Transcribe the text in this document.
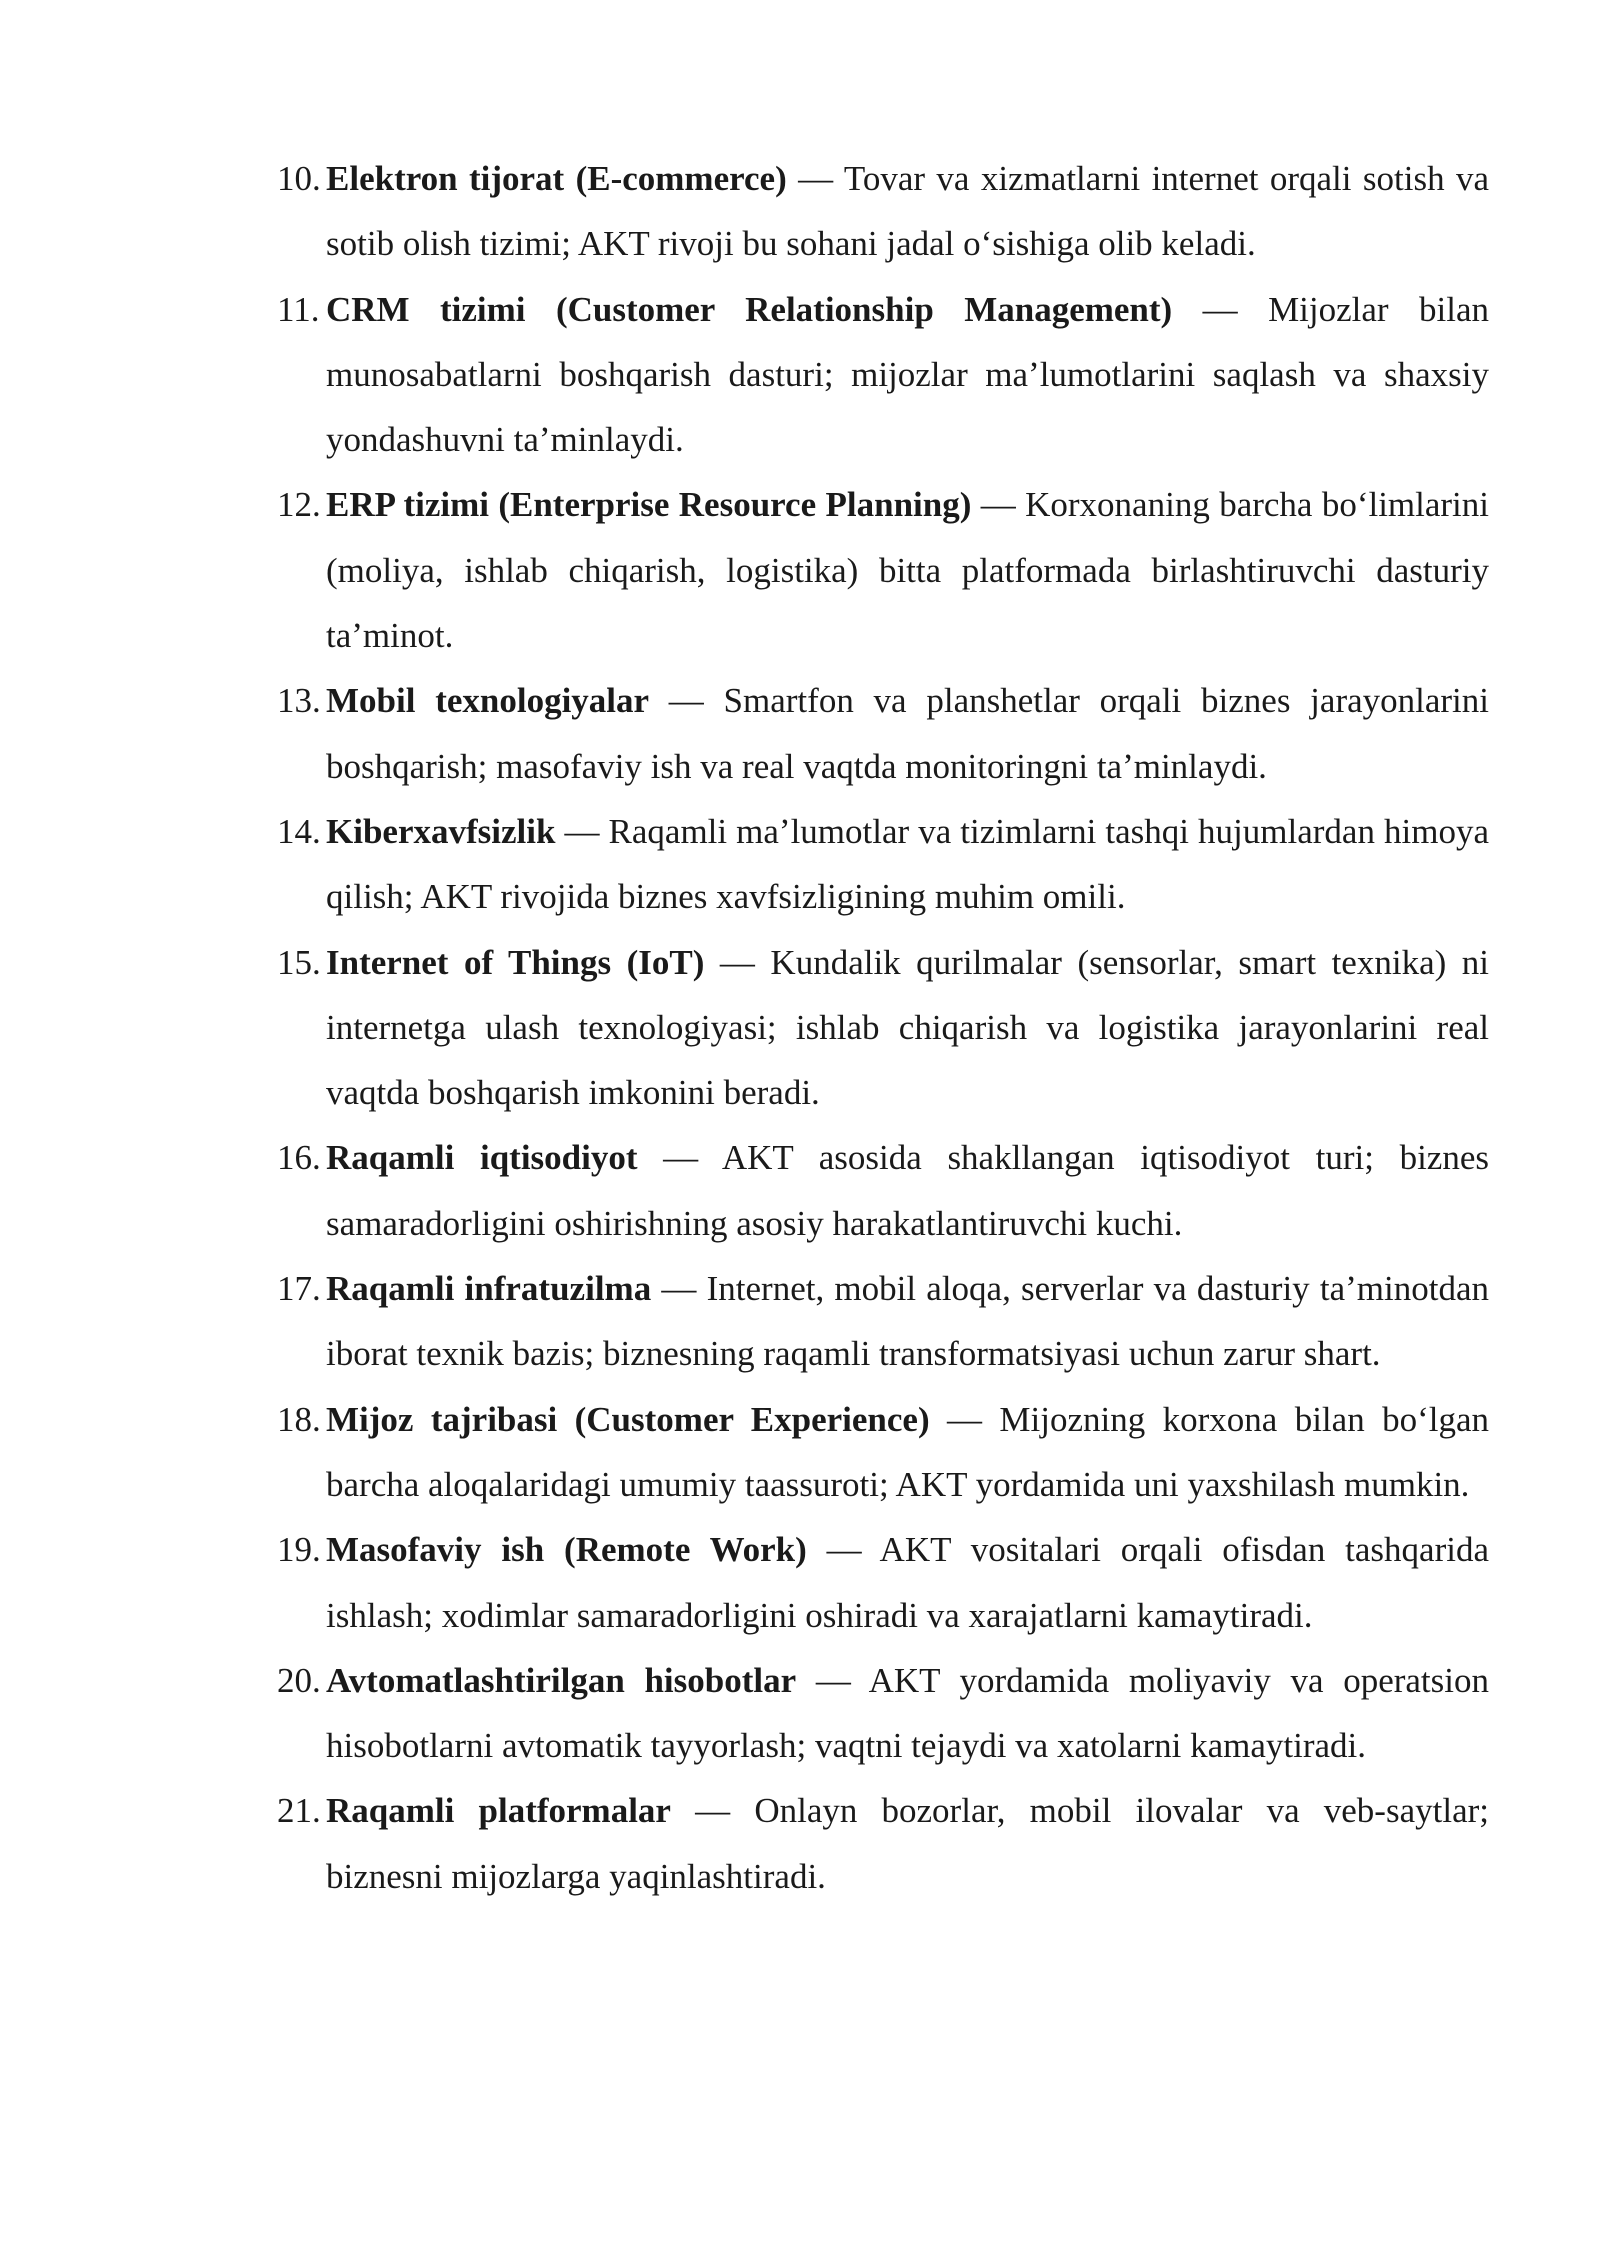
10. Elektron tijorat (E-commerce) — Tovar va xizmatlarni internet orqali sotish va sotib olish tizimi; AKT rivoji bu sohani jadal oʻsishiga olib keladi.
11. CRM tizimi (Customer Relationship Management) — Mijozlar bilan munosabatlarni boshqarish dasturi; mijozlar maʼlumotlarini saqlash va shaxsiy yondashuvni taʼminlaydi.
12. ERP tizimi (Enterprise Resource Planning) — Korxonaning barcha boʻlimlarini (moliya, ishlab chiqarish, logistika) bitta platformada birlashtiruvchi dasturiy taʼminot.
13. Mobil texnologiyalar — Smartfon va planshetlar orqali biznes jarayonlarini boshqarish; masofaviy ish va real vaqtda monitoringni taʼminlaydi.
14. Kiberxavfsizlik — Raqamli maʼlumotlar va tizimlarni tashqi hujumlardan himoya qilish; AKT rivojida biznes xavfsizligining muhim omili.
15. Internet of Things (IoT) — Kundalik qurilmalar (sensorlar, smart texnika) ni internetga ulash texnologiyasi; ishlab chiqarish va logistika jarayonlarini real vaqtda boshqarish imkonini beradi.
16. Raqamli iqtisodiyot — AKT asosida shakllangan iqtisodiyot turi; biznes samaradorligini oshirishning asosiy harakatlantiruvchi kuchi.
17. Raqamli infratuzilma — Internet, mobil aloqa, serverlar va dasturiy taʼminotdan iborat texnik bazis; biznesning raqamli transformatsiyasi uchun zarur shart.
18. Mijoz tajribasi (Customer Experience) — Mijozning korxona bilan boʻlgan barcha aloqalaridagi umumiy taassuroti; AKT yordamida uni yaxshilash mumkin.
19. Masofaviy ish (Remote Work) — AKT vositalari orqali ofisdan tashqarida ishlash; xodimlar samaradorligini oshiradi va xarajatlarni kamaytiradi.
20. Avtomatlashtirilgan hisobotlar — AKT yordamida moliyaviy va operatsion hisobotlarni avtomatik tayyorlash; vaqtni tejaydi va xatolarni kamaytiradi.
21. Raqamli platformalar — Onlayn bozorlar, mobil ilovalar va veb-saytlar; biznesni mijozlarga yaqinlashtiradi.
